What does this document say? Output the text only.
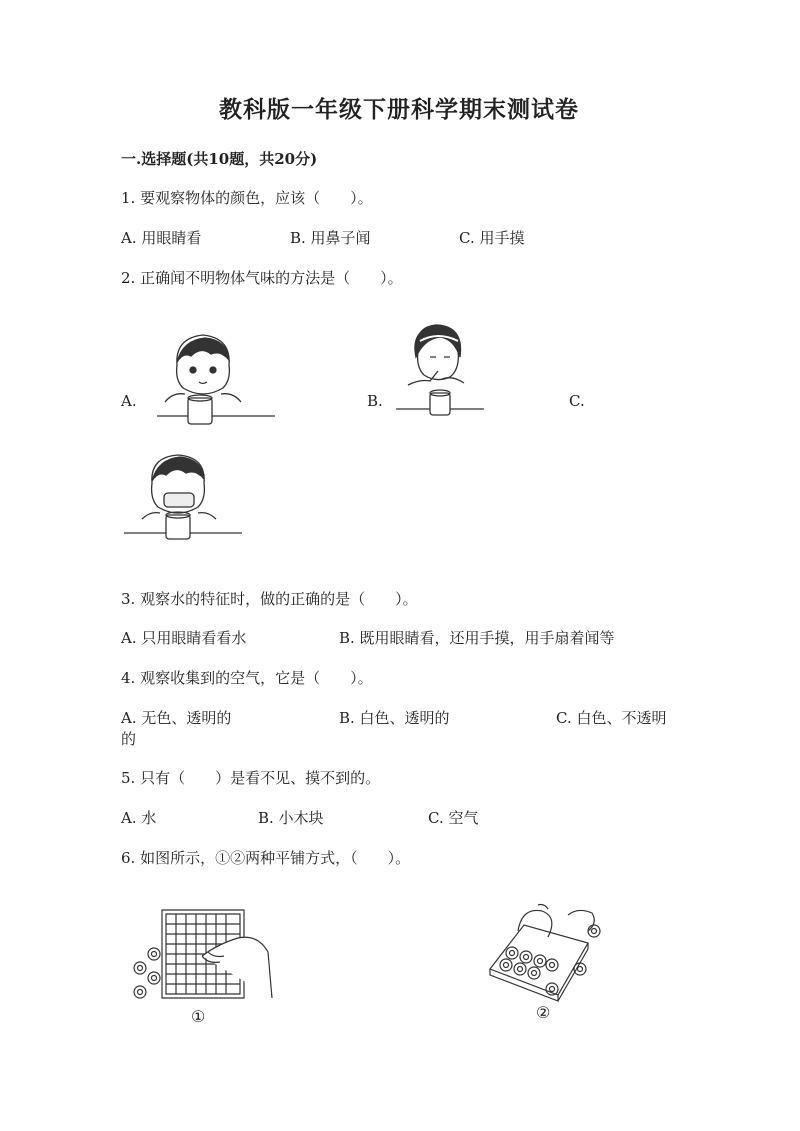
教科版一年级下册科学期末测试卷
一.选择题(共10题，共20分)
1. 要观察物体的颜色，应该（　　）。
A. 用眼睛看	B. 用鼻子闻	C. 用手摸
2. 正确闻不明物体气味的方法是（　　）。
A.	B.	C.
3. 观察水的特征时，做的正确的是（　　）。
A. 只用眼睛看看水	B. 既用眼睛看，还用手摸，用手扇着闻等
4. 观察收集到的空气，它是（　　）。
A. 无色、透明的	B. 白色、透明的	C. 白色、不透明
的
5. 只有（　　）是看不见、摸不到的。
A. 水	B. 小木块	C. 空气
6. 如图所示，①②两种平铺方式，（　　）。
①	②
